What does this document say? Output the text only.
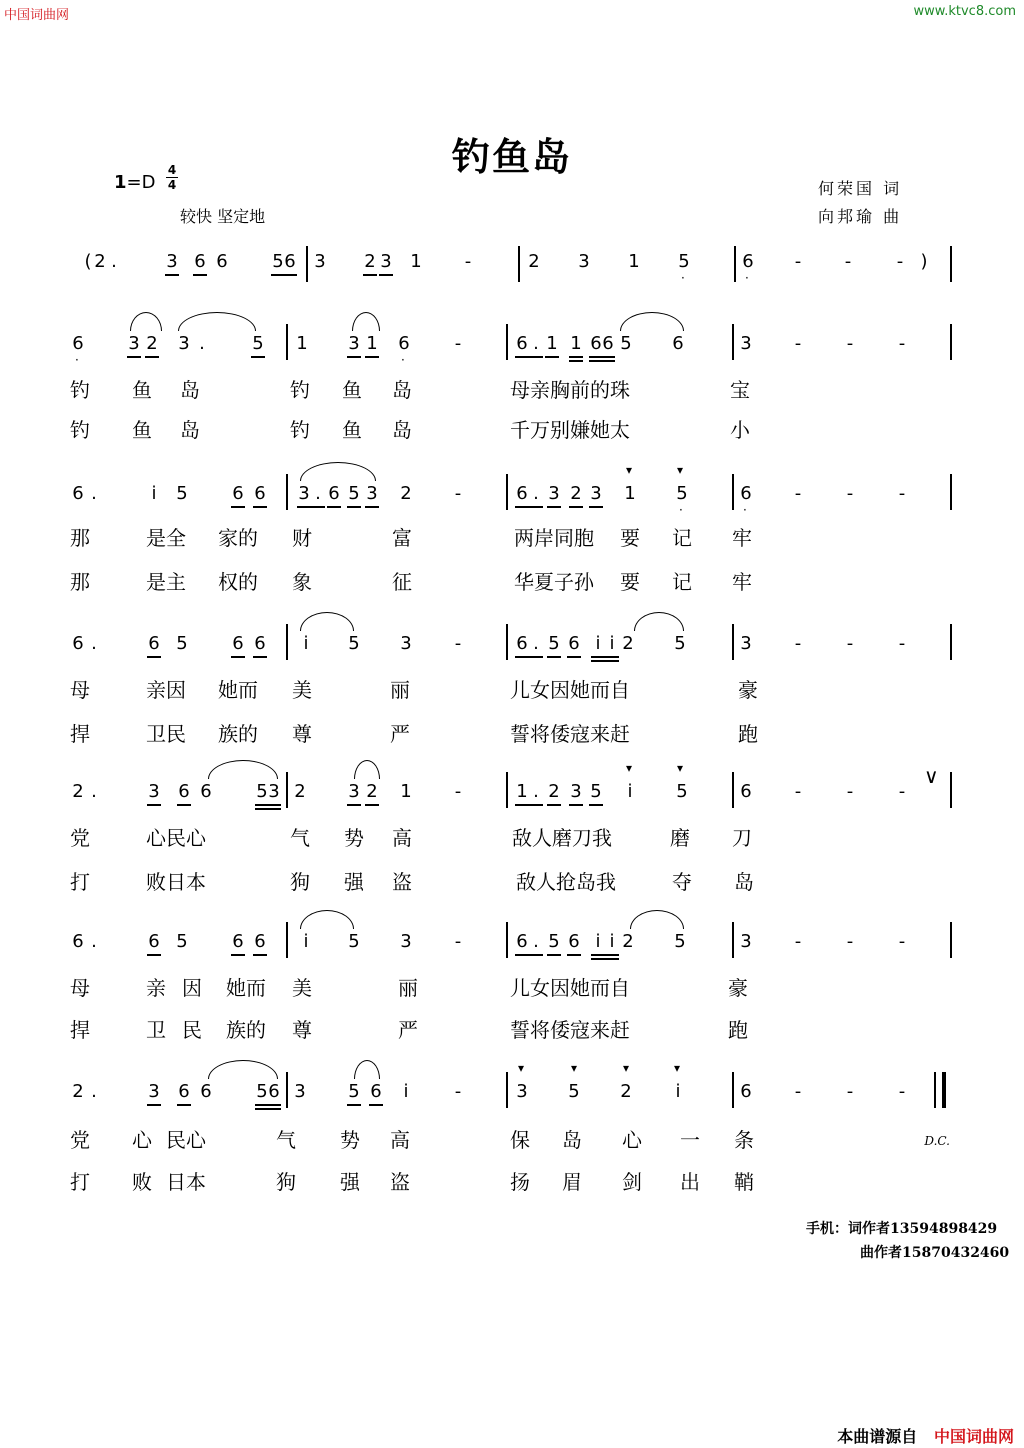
中国词曲网	www.ktvc8.com
钓鱼岛
1=D
4
4
较快 坚定地
何荣国 词
向邦瑜 曲
( 2 .	3 6 6 5 6 3 2 3 1 -	2 3 1 5
·
6
·
- -	- )
6
·
3 2 3 .	5 1 3 1 6
·
-	6 . 1 1 6 6 5 6	3 -	-	-
钓 鱼 岛	钓 鱼 岛	母亲胸前的珠	宝
钓 鱼 岛	钓 鱼 岛	千万别嫌她太	小
6 .	i	5 6 6 3 . 6 5 3 2 -	6 . 3 2 3 1 5
·
▾	▾
6
·
-	-	-
那	是全 家的 财	富	两岸同胞 要 记 牢
那	是主 权的 象	征	华夏子孙 要 记 牢
6 .	6 5 6 6	i	5 3 -	6 . 5 6 i i 2 5	3 -	-	-
母	亲因 她而 美	丽	儿女因她而自	豪
捍	卫民 族的 尊	严	誓将倭寇来赶	跑
∨
2 .	3 6 6 5 3 2 3 2 1 -	1 . 2 3 5	i	5
▾	▾
6 -	-	-
党	心民心	气 势 高	敌人磨刀我	磨 刀
打	败日本	狗 强 盗	敌人抢岛我	夺 岛
6 .	6 5 6 6	i	5 3 -	6 . 5 6 i i 2 5	3 -	-	-
母	亲 因 她而 美	丽	儿女因她而自	豪
捍	卫 民 族的 尊	严	誓将倭寇来赶	跑
2 .	3 6 6 5 6 3 5 6	i	-	3 5 2	i
▾	▾	▾	▾
6 -	-	-
党 心 民心	气 势 高	保 岛 心 一 条
打 败 日本	狗 强 盗	扬 眉 剑 出 鞘
D.C.
手机：词作者13594898429
曲作者15870432460
本曲谱源自 中国词曲网
